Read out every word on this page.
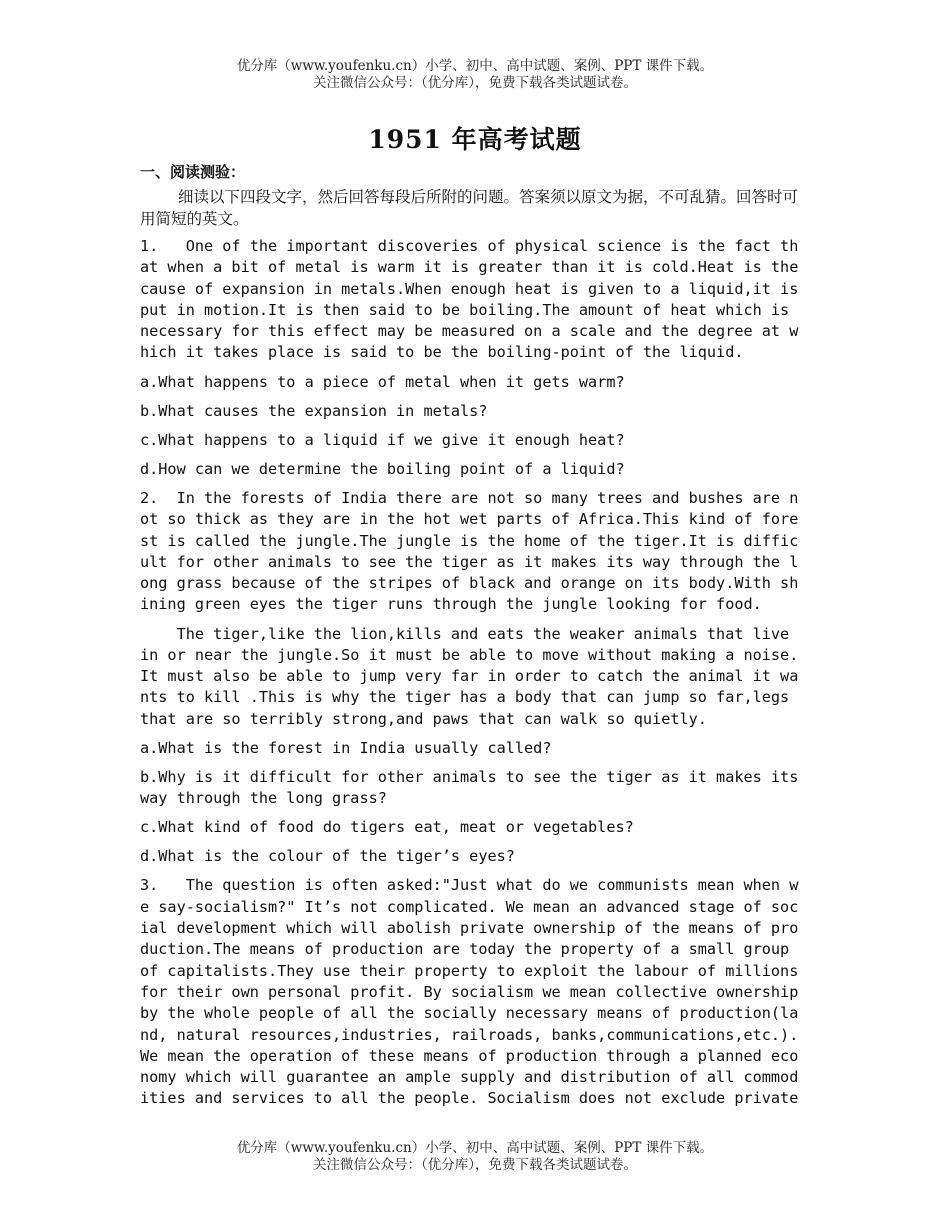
优分库（www.youfenku.cn）小学、初中、高中试题、案例、PPT 课件下载。
关注微信公众号：（优分库），免费下载各类试题试卷。
1951 年高考试题
一、阅读测验：

细读以下四段文字，然后回答每段后所附的问题。答案须以原文为据，不可乱猜。回答时可用简短的英文。

1.   One of the important discoveries of physical science is the fact th
at when a bit of metal is warm it is greater than it is cold.Heat is the
cause of expansion in metals.When enough heat is given to a liquid,it is
put in motion.It is then said to be boiling.The amount of heat which is
necessary for this effect may be measured on a scale and the degree at w
hich it takes place is said to be the boiling-point of the liquid.

a.What happens to a piece of metal when it gets warm?

b.What causes the expansion in metals?

c.What happens to a liquid if we give it enough heat?

d.How can we determine the boiling point of a liquid?

2.  In the forests of India there are not so many trees and bushes are n
ot so thick as they are in the hot wet parts of Africa.This kind of fore
st is called the jungle.The jungle is the home of the tiger.It is diffic
ult for other animals to see the tiger as it makes its way through the l
ong grass because of the stripes of black and orange on its body.With sh
ining green eyes the tiger runs through the jungle looking for food.

The tiger,like the lion,kills and eats the weaker animals that live
in or near the jungle.So it must be able to move without making a noise.
It must also be able to jump very far in order to catch the animal it wa
nts to kill .This is why the tiger has a body that can jump so far,legs
that are so terribly strong,and paws that can walk so quietly.

a.What is the forest in India usually called?

b.Why is it difficult for other animals to see the tiger as it makes its
way through the long grass?

c.What kind of food do tigers eat, meat or vegetables?

d.What is the colour of the tiger’s eyes?

3.   The question is often asked:"Just what do we communists mean when w
e say-socialism?" It’s not complicated. We mean an advanced stage of soc
ial development which will abolish private ownership of the means of pro
duction.The means of production are today the property of a small group
of capitalists.They use their property to exploit the labour of millions
for their own personal profit. By socialism we mean collective ownership
by the whole people of all the socially necessary means of production(la
nd, natural resources,industries, railroads, banks,communications,etc.).
We mean the operation of these means of production through a planned eco
nomy which will guarantee an ample supply and distribution of all commod
ities and services to all the people. Socialism does not exclude private

优分库（www.youfenku.cn）小学、初中、高中试题、案例、PPT 课件下载。
关注微信公众号：（优分库），免费下载各类试题试卷。
